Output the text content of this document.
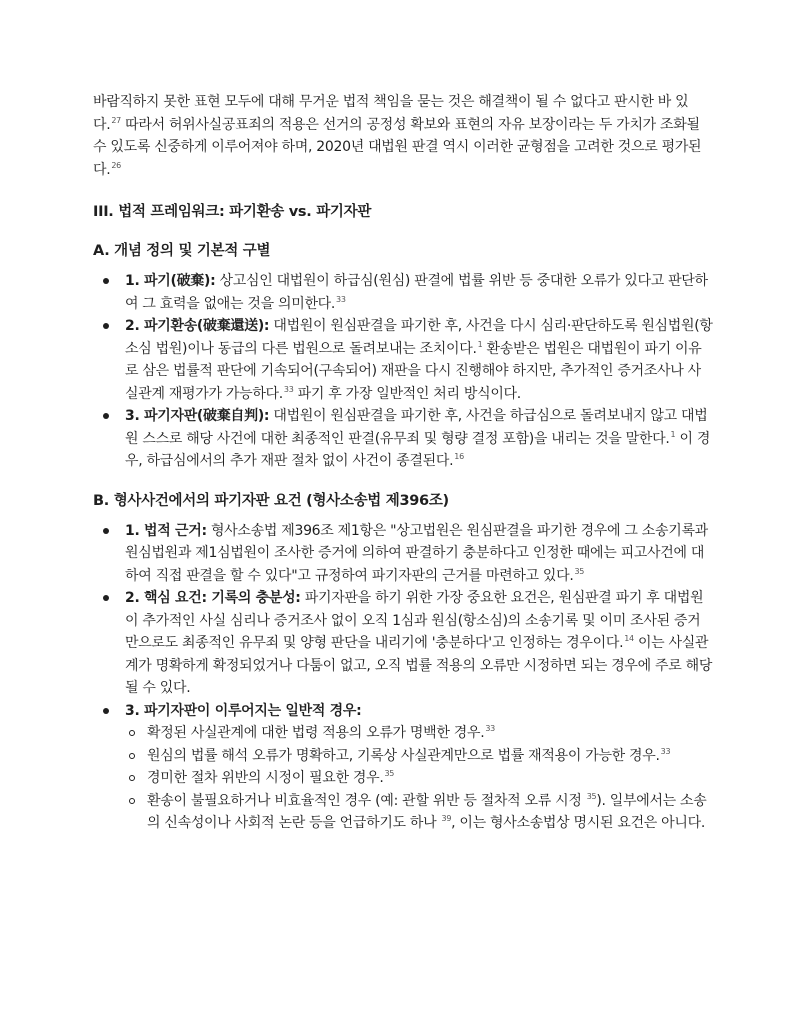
바람직하지 못한 표현 모두에 대해 무거운 법적 책임을 묻는 것은 해결책이 될 수 없다고 판시한 바 있다.$^{27}$ 따라서 허위사실공표죄의 적용은 선거의 공정성 확보와 표현의 자유 보장이라는 두 가치가 조화될 수 있도록 신중하게 이루어져야 하며, 2020년 대법원 판결 역시 이러한 균형점을 고려한 것으로 평가된다.$^{26}$

III. 법적 프레임워크: 파기환송 vs. 파기자판
A. 개념 정의 및 기본적 구별
1. 파기(破棄): 상고심인 대법원이 하급심(원심) 판결에 법률 위반 등 중대한 오류가 있다고 판단하여 그 효력을 없애는 것을 의미한다.$^{33}$
2. 파기환송(破棄還送): 대법원이 원심판결을 파기한 후, 사건을 다시 심리·판단하도록 원심법원(항소심 법원)이나 동급의 다른 법원으로 돌려보내는 조치이다.$^1$ 환송받은 법원은 대법원이 파기 이유로 삼은 법률적 판단에 기속되어(구속되어) 재판을 다시 진행해야 하지만, 추가적인 증거조사나 사실관계 재평가가 가능하다.$^{33}$ 파기 후 가장 일반적인 처리 방식이다.
3. 파기자판(破棄自判): 대법원이 원심판결을 파기한 후, 사건을 하급심으로 돌려보내지 않고 대법원 스스로 해당 사건에 대한 최종적인 판결(유무죄 및 형량 결정 포함)을 내리는 것을 말한다.$^1$ 이 경우, 하급심에서의 추가 재판 절차 없이 사건이 종결된다.$^{16}$
B. 형사사건에서의 파기자판 요건 (형사소송법 제396조)
1. 법적 근거: 형사소송법 제396조 제1항은 "상고법원은 원심판결을 파기한 경우에 그 소송기록과 원심법원과 제1심법원이 조사한 증거에 의하여 판결하기 충분하다고 인정한 때에는 피고사건에 대하여 직접 판결을 할 수 있다"고 규정하여 파기자판의 근거를 마련하고 있다.$^{35}$
2. 핵심 요건: 기록의 충분성: 파기자판을 하기 위한 가장 중요한 요건은, 원심판결 파기 후 대법원이 추가적인 사실 심리나 증거조사 없이 오직 1심과 원심(항소심)의 소송기록 및 이미 조사된 증거만으로도 최종적인 유무죄 및 양형 판단을 내리기에 '충분하다'고 인정하는 경우이다.$^{14}$ 이는 사실관계가 명확하게 확정되었거나 다툼이 없고, 오직 법률 적용의 오류만 시정하면 되는 경우에 주로 해당될 수 있다.
3. 파기자판이 이루어지는 일반적 경우:
확정된 사실관계에 대한 법령 적용의 오류가 명백한 경우.$^{33}$
원심의 법률 해석 오류가 명확하고, 기록상 사실관계만으로 법률 재적용이 가능한 경우.$^{33}$
경미한 절차 위반의 시정이 필요한 경우.$^{35}$
환송이 불필요하거나 비효율적인 경우 (예: 관할 위반 등 절차적 오류 시정 $^{35}$). 일부에서는 소송의 신속성이나 사회적 논란 등을 언급하기도 하나 $^{39}$, 이는 형사소송법상 명시된 요건은 아니다.
